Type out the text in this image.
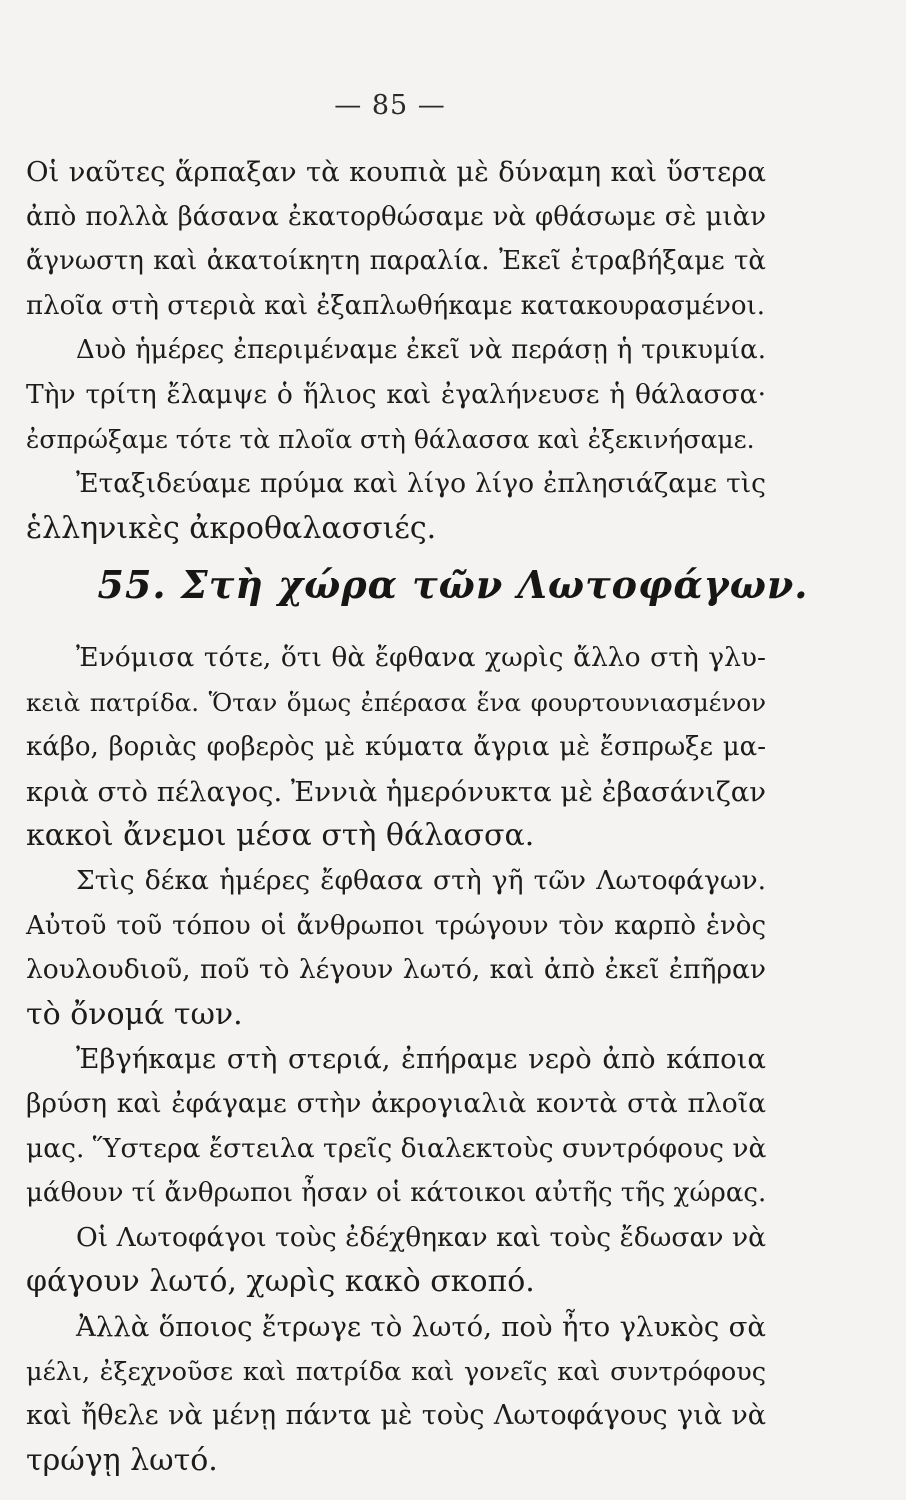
— 85 —
Οἱ ναῦτες ἅρπαξαν τὰ κουπιὰ μὲ δύναμη καὶ ὕστερα
ἀπὸ πολλὰ βάσανα ἐκατορθώσαμε νὰ φθάσωμε σὲ μιὰν
ἄγνωστη καὶ ἀκατοίκητη παραλία. Ἐκεῖ ἐτραβήξαμε τὰ
πλοῖα στὴ στεριὰ καὶ ἐξαπλωθήκαμε κατακουρασμένοι.
Δυὸ ἡμέρες ἐπεριμέναμε ἐκεῖ νὰ περάσῃ ἡ τρικυμία.
Τὴν τρίτη ἔλαμψε ὁ ἥλιος καὶ ἐγαλήνευσε ἡ θάλασσα·
ἐσπρώξαμε τότε τὰ πλοῖα στὴ θάλασσα καὶ ἐξεκινήσαμε.
Ἐταξιδεύαμε πρύμα καὶ λίγο λίγο ἐπλησιάζαμε τὶς
ἑλληνικὲς ἀκροθαλασσιές.
55. Στὴ χώρα τῶν Λωτοφάγων.
Ἐνόμισα τότε, ὅτι θὰ ἔφθανα χωρὶς ἄλλο στὴ γλυ-
κειὰ πατρίδα. Ὅταν ὅμως ἐπέρασα ἕνα φουρτουνιασμένον
κάβο, βοριὰς φοβερὸς μὲ κύματα ἄγρια μὲ ἔσπρωξε μα-
κριὰ στὸ πέλαγος. Ἐννιὰ ἡμερόνυκτα μὲ ἐβασάνιζαν
κακοὶ ἄνεμοι μέσα στὴ θάλασσα.
Στὶς δέκα ἡμέρες ἔφθασα στὴ γῆ τῶν Λωτοφάγων.
Αὐτοῦ τοῦ τόπου οἱ ἄνθρωποι τρώγουν τὸν καρπὸ ἑνὸς
λουλουδιοῦ, ποῦ τὸ λέγουν λωτό, καὶ ἀπὸ ἐκεῖ ἐπῆραν
τὸ ὄνομά των.
Ἐβγήκαμε στὴ στεριά, ἐπήραμε νερὸ ἀπὸ κάποια
βρύση καὶ ἐφάγαμε στὴν ἀκρογιαλιὰ κοντὰ στὰ πλοῖα
μας. Ὕστερα ἔστειλα τρεῖς διαλεκτοὺς συντρόφους νὰ
μάθουν τί ἄνθρωποι ἦσαν οἱ κάτοικοι αὐτῆς τῆς χώρας.
Οἱ Λωτοφάγοι τοὺς ἐδέχθηκαν καὶ τοὺς ἔδωσαν νὰ
φάγουν λωτό, χωρὶς κακὸ σκοπό.
Ἀλλὰ ὅποιος ἔτρωγε τὸ λωτό, ποὺ ἦτο γλυκὸς σὰ
μέλι, ἐξεχνοῦσε καὶ πατρίδα καὶ γονεῖς καὶ συντρόφους
καὶ ἤθελε νὰ μένῃ πάντα μὲ τοὺς Λωτοφάγους γιὰ νὰ
τρώγῃ λωτό.
